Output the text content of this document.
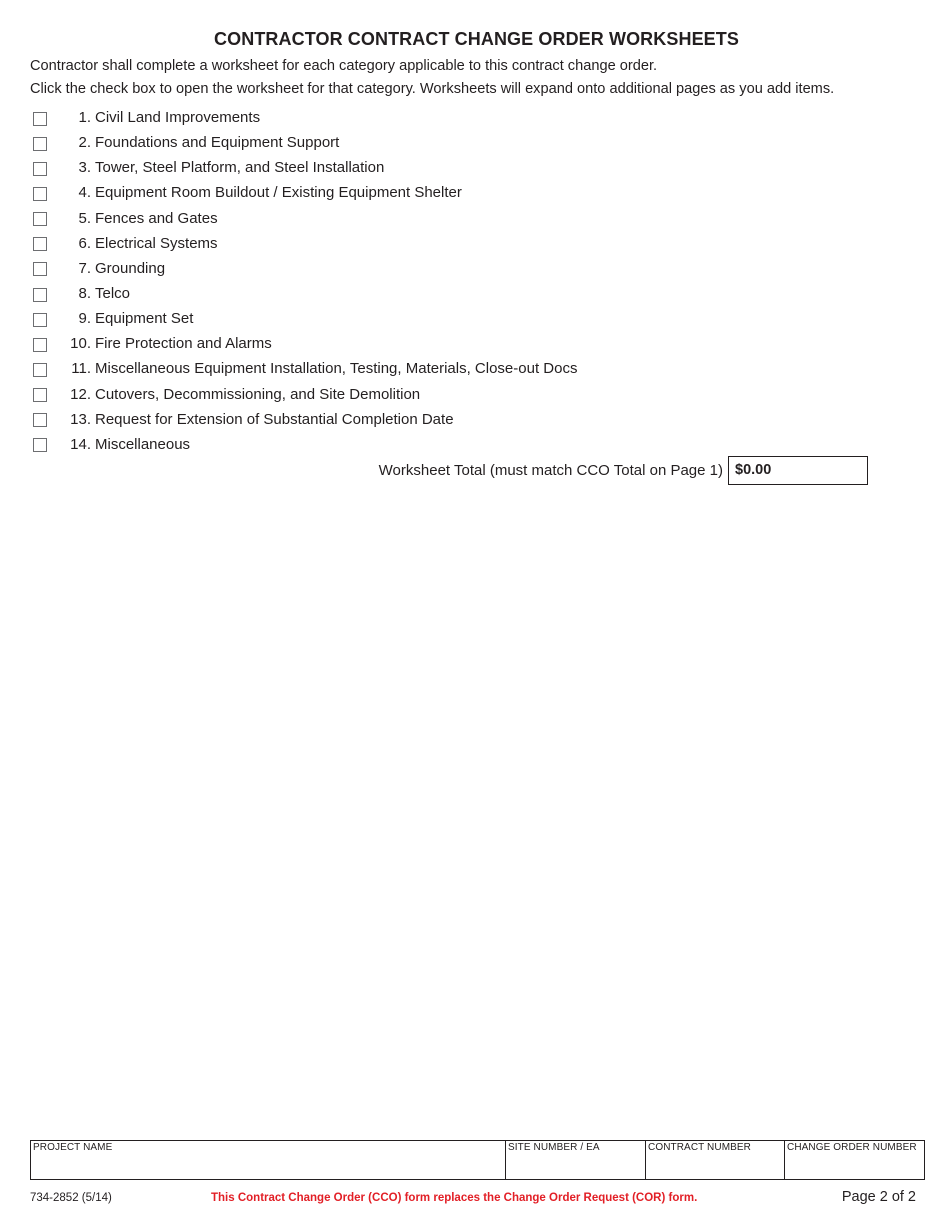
CONTRACTOR CONTRACT CHANGE ORDER WORKSHEETS
Contractor shall complete a worksheet for each category applicable to this contract change order.
Click the check box to open the worksheet for that category. Worksheets will expand onto additional pages as you add items.
1. Civil Land Improvements
2. Foundations and Equipment Support
3. Tower, Steel Platform, and Steel Installation
4. Equipment Room Buildout / Existing Equipment Shelter
5. Fences and Gates
6. Electrical Systems
7. Grounding
8. Telco
9. Equipment Set
10. Fire Protection and Alarms
11. Miscellaneous Equipment Installation, Testing, Materials, Close-out Docs
12. Cutovers, Decommissioning, and Site Demolition
13. Request for Extension of Substantial Completion Date
14. Miscellaneous
Worksheet Total (must match CCO Total on Page 1) $0.00
PROJECT NAME	SITE NUMBER / EA	CONTRACT NUMBER	CHANGE ORDER NUMBER
734-2852 (5/14)	This Contract Change Order (CCO) form replaces the Change Order Request (COR) form.	Page 2 of 2
